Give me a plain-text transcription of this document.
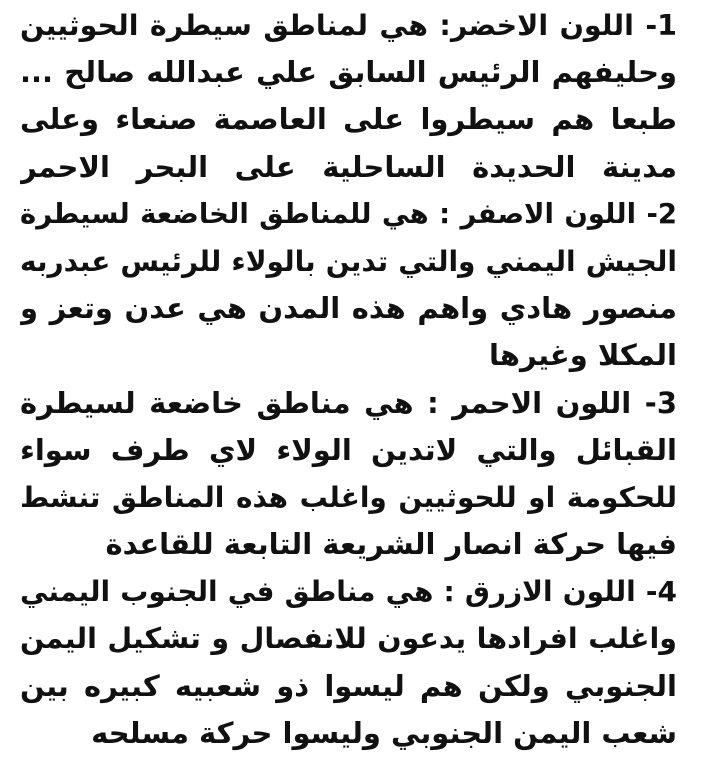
1- اللون الاخضر: هي لمناطق سيطرة الحوثيين
وحليفهم الرئيس السابق علي عبدالله صالح ...
طبعا هم سيطروا على العاصمة صنعاء وعلى
مدينة الحديدة الساحلية على البحر الاحمر
2- اللون الاصفر : هي للمناطق الخاضعة لسيطرة
الجيش اليمني والتي تدين بالولاء للرئيس عبدربه
منصور هادي واهم هذه المدن هي عدن وتعز و
المكلا وغيرها
3- اللون الاحمر : هي مناطق خاضعة لسيطرة
القبائل والتي لاتدين الولاء لاي طرف سواء
للحكومة او للحوثيين واغلب هذه المناطق تنشط
فيها حركة انصار الشريعة التابعة للقاعدة
4- اللون الازرق : هي مناطق في الجنوب اليمني
واغلب افرادها يدعون للانفصال و تشكيل اليمن
الجنوبي ولكن هم ليسوا ذو شعبيه كبيره بين
شعب اليمن الجنوبي وليسوا حركة مسلحه
